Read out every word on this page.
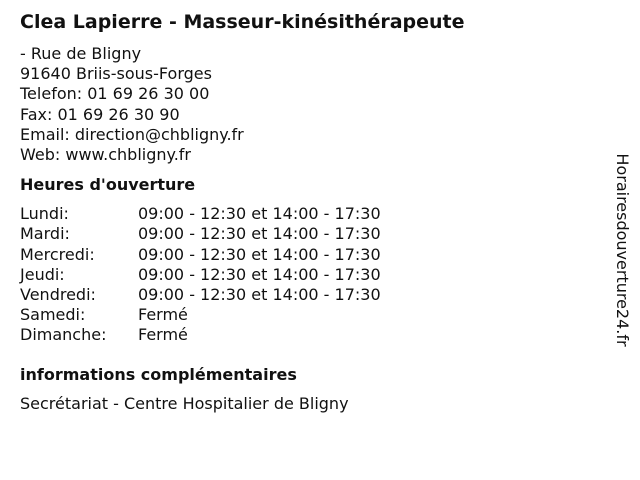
Clea Lapierre - Masseur-kinésithérapeute
- Rue de Bligny
91640 Briis-sous-Forges
Telefon: 01 69 26 30 00
Fax: 01 69 26 30 90
Email: direction@chbligny.fr
Web: www.chbligny.fr
Heures d'ouverture
Lundi:	09:00 - 12:30 et 14:00 - 17:30
Mardi:	09:00 - 12:30 et 14:00 - 17:30
Mercredi:	09:00 - 12:30 et 14:00 - 17:30
Jeudi:	09:00 - 12:30 et 14:00 - 17:30
Vendredi:	09:00 - 12:30 et 14:00 - 17:30
Samedi:	Fermé
Dimanche:	Fermé
informations complémentaires
Secrétariat - Centre Hospitalier de Bligny
Horairesdouverture24.fr
